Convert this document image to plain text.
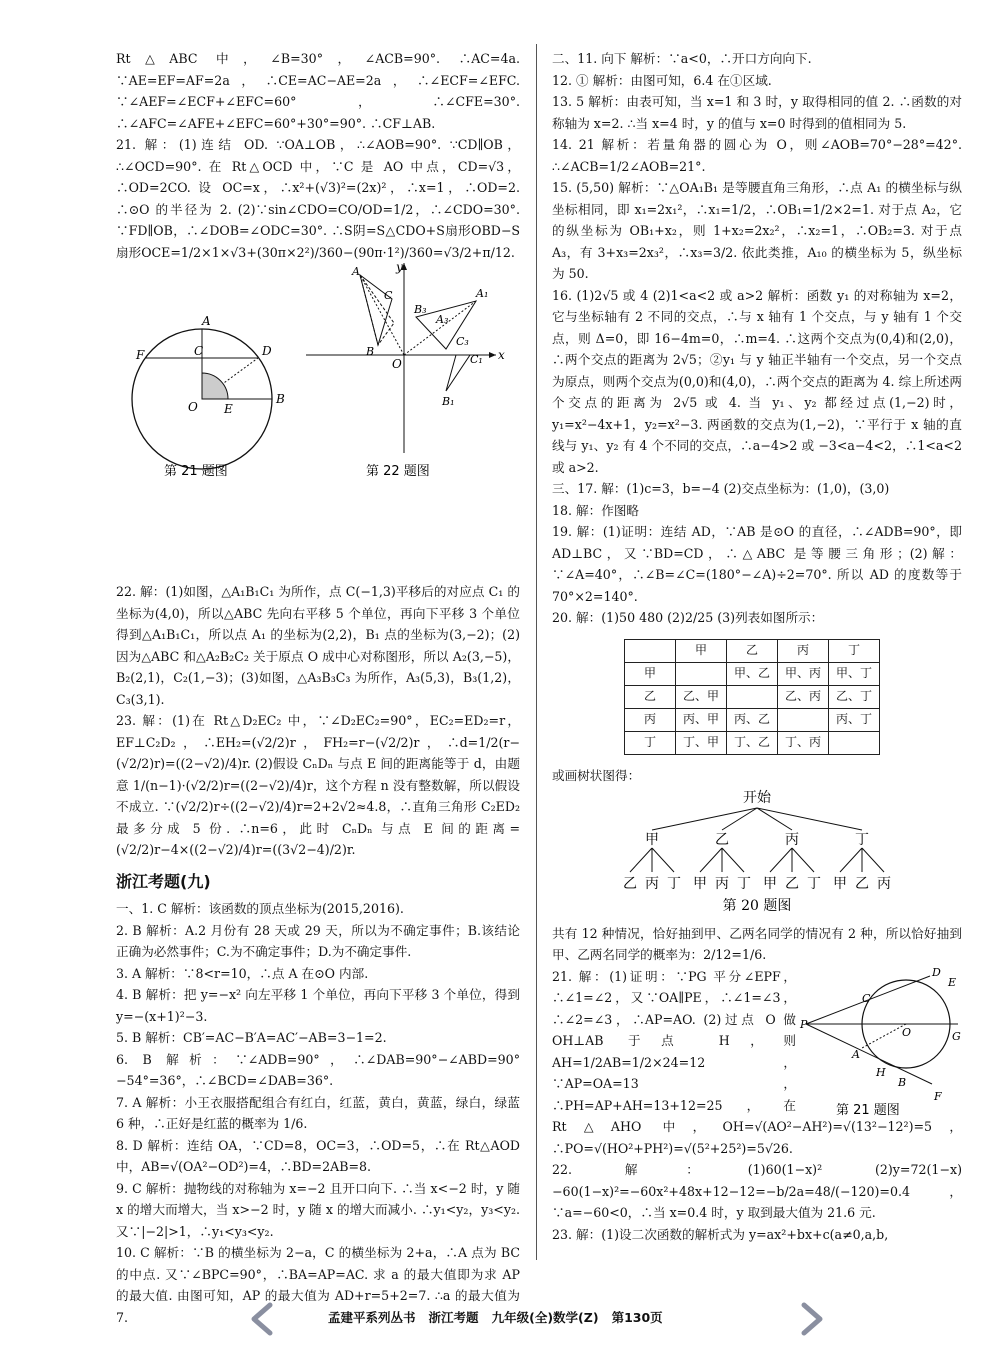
Rt△ABC 中，∠B=30°，∠ACB=90°. ∴AC=4a. ∵AE=EF=AF=2a，∴CE=AC−AE=2a，∴∠ECF=∠EFC. ∵∠AEF=∠ECF+∠EFC=60°，∴∠CFE=30°. ∴∠AFC=∠AFE+∠EFC=60°+30°=90°. ∴CF⊥AB.

21. 解：(1)连结 OD. ∵OA⊥OB，∴∠AOB=90°. ∵CD∥OB，∴∠OCD=90°. 在 Rt△OCD 中，∵C 是 AO 中点，CD=√3，∴OD=2CO. 设 OC=x，∴x²+(√3)²=(2x)²，∴x=1，∴OD=2. ∴⊙O 的半径为 2. (2)∵sin∠CDO=CO/OD=1/2，∴∠CDO=30°. ∵FD∥OB，∴∠DOB=∠ODC=30°. ∴S阴=S△CDO+S扇形OBD−S扇形OCE=1/2×1×√3+(30π×2²)/360−(90π·1²)/360=√3/2+π/12.

A
F	C	D
O E
B
第 21 题图
x
y
O
A
C
B
B₃
A₃
A₁
C₃
C₁
B₁
第 22 题图

22. 解：(1)如图，△A₁B₁C₁ 为所作，点 C(−1,3)平移后的对应点 C₁ 的坐标为(4,0)，所以△ABC 先向右平移 5 个单位，再向下平移 3 个单位得到△A₁B₁C₁，所以点 A₁ 的坐标为(2,2)，B₁ 点的坐标为(3,−2)；(2)因为△ABC 和△A₂B₂C₂ 关于原点 O 成中心对称图形，所以 A₂(3,−5)，B₂(2,1)，C₂(1,−3)；(3)如图，△A₃B₃C₃ 为所作，A₃(5,3)，B₃(1,2)，C₃(3,1).

23. 解：(1)在 Rt△D₂EC₂ 中，∵∠D₂EC₂=90°，EC₂=ED₂=r，EF⊥C₂D₂，∴EH₂=(√2/2)r，FH₂=r−(√2/2)r，∴d=1/2(r−(√2/2)r)=((2−√2)/4)r. (2)假设 CₙDₙ 与点 E 间的距离能等于 d，由题意 1/(n−1)·(√2/2)r=((2−√2)/4)r，这个方程 n 没有整数解，所以假设不成立. ∵(√2/2)r÷((2−√2)/4)r=2+2√2≈4.8，∴直角三角形 C₂ED₂ 最多分成 5 份. ∴n=6，此时 CₙDₙ 与点 E 间的距离=(√2/2)r−4×((2−√2)/4)r=((3√2−4)/2)r.

浙江考题(九)

一、1. C 解析：该函数的顶点坐标为(2015,2016).

2. B 解析：A.2 月份有 28 天或 29 天，所以为不确定事件；B.该结论正确为必然事件；C.为不确定事件；D.为不确定事件.

3. A 解析：∵8<r=10，∴点 A 在⊙O 内部.

4. B 解析：把 y=−x² 向左平移 1 个单位，再向下平移 3 个单位，得到 y=−(x+1)²−3.

5. B 解析：CB′=AC−B′A=AC′−AB=3−1=2.

6. B 解析：∵∠ADB=90°，∴∠DAB=90°−∠ABD=90°−54°=36°，∴∠BCD=∠DAB=36°.

7. A 解析：小王衣服搭配组合有红白，红蓝，黄白，黄蓝，绿白，绿蓝 6 种，∴正好是红蓝的概率为 1/6.

8. D 解析：连结 OA，∵CD=8，OC=3，∴OD=5，∴在 Rt△AOD 中，AB=√(OA²−OD²)=4，∴BD=2AB=8.

9. C 解析：抛物线的对称轴为 x=−2 且开口向下. ∴当 x<−2 时，y 随 x 的增大而增大，当 x>−2 时，y 随 x 的增大而减小. ∴y₁<y₂，y₃<y₂. 又∵|−2|>1，∴y₁<y₃<y₂.

10. C 解析：∵B 的横坐标为 2−a，C 的横坐标为 2+a，∴A 点为 BC 的中点. 又∵∠BPC=90°，∴BA=AP=AC. 求 a 的最大值即为求 AP 的最大值. 由图可知，AP 的最大值为 AD+r=5+2=7. ∴a 的最大值为 7.

二、11. 向下 解析：∵a<0，∴开口方向向下.

12. ① 解析：由图可知，6.4 在①区域.

13. 5 解析：由表可知，当 x=1 和 3 时，y 取得相同的值 2. ∴函数的对称轴为 x=2. ∴当 x=4 时，y 的值与 x=0 时得到的值相同为 5.

14. 21 解析：若量角器的圆心为 O，则∠AOB=70°−28°=42°. ∴∠ACB=1/2∠AOB=21°.

15. (5,50) 解析：∵△OA₁B₁ 是等腰直角三角形，∴点 A₁ 的横坐标与纵坐标相同，即 x₁=2x₁²，∴x₁=1/2，∴OB₁=1/2×2=1. 对于点 A₂，它的纵坐标为 OB₁+x₂，则 1+x₂=2x₂²，∴x₂=1，∴OB₂=3. 对于点 A₃，有 3+x₃=2x₃²，∴x₃=3/2. 依此类推，A₁₀ 的横坐标为 5，纵坐标为 50.

16. (1)2√5 或 4 (2)1<a<2 或 a>2 解析：函数 y₁ 的对称轴为 x=2，它与坐标轴有 2 不同的交点，∴与 x 轴有 1 个交点，与 y 轴有 1 个交点，则 Δ=0，即 16−4m=0，∴m=4. ∴这两个交点为(0,4)和(2,0)，∴两个交点的距离为 2√5；②y₁ 与 y 轴正半轴有一个交点，另一个交点为原点，则两个交点为(0,0)和(4,0)，∴两个交点的距离为 4. 综上所述两个交点的距离为 2√5 或 4. 当 y₁、y₂ 都经过点(1,−2)时，y₁=x²−4x+1，y₂=x²−3. 两函数的交点为(1,−2)，∵平行于 x 轴的直线与 y₁、y₂ 有 4 个不同的交点，∴a−4>2 或 −3<a−4<2，∴1<a<2 或 a>2.

三、17. 解：(1)c=3，b=−4 (2)交点坐标为：(1,0)，(3,0)

18. 解：作图略

19. 解：(1)证明：连结 AD，∵AB 是⊙O 的直径，∴∠ADB=90°，即 AD⊥BC，又∵BD=CD，∴△ABC 是等腰三角形；(2)解：∵∠A=40°，∴∠B=∠C=(180°−∠A)÷2=70°. 所以 AD 的度数等于 70°×2=140°.

20. 解：(1)50 480 (2)2/25 (3)列表如图所示：

	甲	乙	丙	丁
甲		甲、乙	甲、丙	甲、丁
乙	乙、甲		乙、丙	乙、丁
丙	丙、甲	丙、乙		丙、丁
丁	丁、甲	丁、乙	丁、丙	

或画树状图得：

开始
甲
乙 丙 丁
乙
甲 丙 丁
丙
甲 乙 丁
丁
甲 乙 丙
第 20 题图

共有 12 种情况，恰好抽到甲、乙两名同学的情况有 2 种，所以恰好抽到甲、乙两名同学的概率为：2/12=1/6.

P
D
E
C
G
O
A
H
B
F
第 21 题图

21. 解：(1)证明：∵PG 平分∠EPF，∴∠1=∠2，又∵OA∥PE，∴∠1=∠3，∴∠2=∠3，∴AP=AO. (2)过点 O 做 OH⊥AB 于点 H，则 AH=1/2AB=1/2×24=12，∵AP=OA=13，∴PH=AP+AH=13+12=25，在 Rt△AHO 中，OH=√(AO²−AH²)=√(13²−12²)=5，∴PO=√(HO²+PH²)=√(5²+25²)=5√26.

22. 解：(1)60(1−x)² (2)y=72(1−x)−60(1−x)²=−60x²+48x+12−12=−b/2a=48/(−120)=0.4，∵a=−60<0，∴当 x=0.4 时，y 取到最大值为 21.6 元.

23. 解：(1)设二次函数的解析式为 y=ax²+bx+c(a≠0,a,b,

孟建平系列丛书   浙江考题   九年级(全)数学(Z)   第130页
